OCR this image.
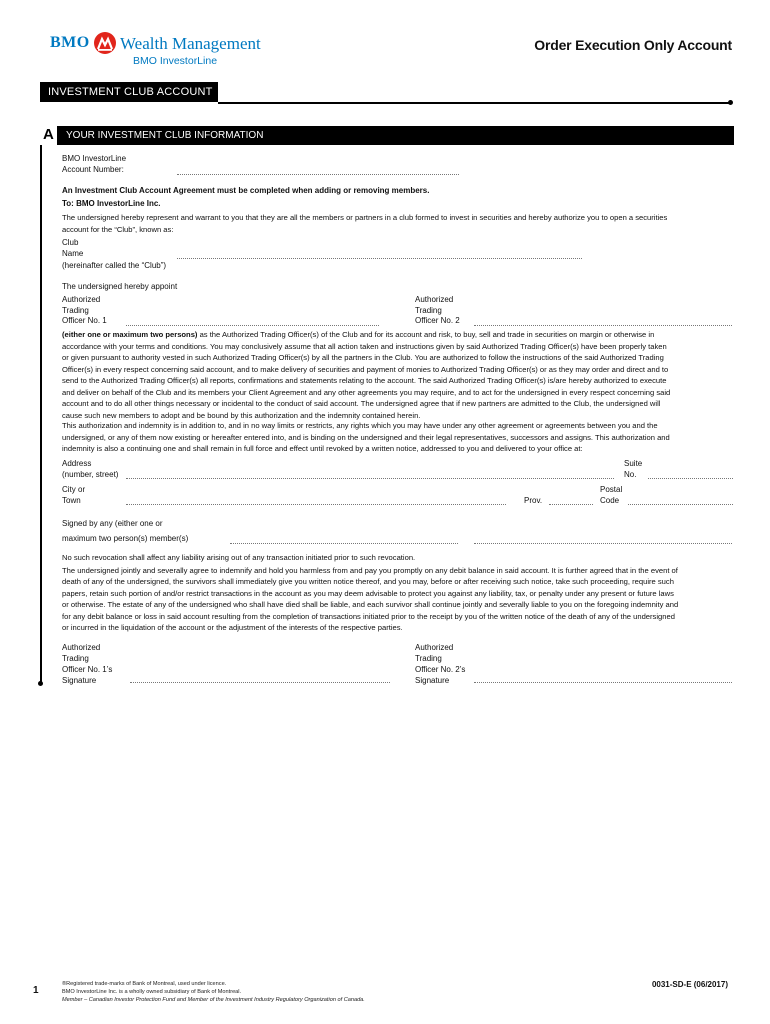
BMO Wealth Management
BMO InvestorLine
Order Execution Only Account
INVESTMENT CLUB ACCOUNT
A YOUR INVESTMENT CLUB INFORMATION
BMO InvestorLine
Account Number:
An Investment Club Account Agreement must be completed when adding or removing members.
To: BMO InvestorLine Inc.
The undersigned hereby represent and warrant to you that they are all the members or partners in a club formed to invest in securities and hereby authorize you to open a securities
account for the “Club”, known as:
Club
Name
(hereinafter called the “Club”)
The undersigned hereby appoint
Authorized
Trading
Officer No. 1
Authorized
Trading
Officer No. 2
(either one or maximum two persons) as the Authorized Trading Officer(s) of the Club and for its account and risk, to buy, sell and trade in securities on margin or otherwise in
accordance with your terms and conditions. You may conclusively assume that all action taken and instructions given by said Authorized Trading Officer(s) have been properly taken
or given pursuant to authority vested in such Authorized Trading Officer(s) by all the partners in the Club. You are authorized to follow the instructions of the said Authorized Trading
Officer(s) in every respect concerning said account, and to make delivery of securities and payment of monies to Authorized Trading Officer(s) or as they may order and direct and to
send to the Authorized Trading Officer(s) all reports, confirmations and statements relating to the account. The said Authorized Trading Officer(s) is/are hereby authorized to execute
and deliver on behalf of the Club and its members your Client Agreement and any other agreements you may require, and to act for the undersigned in every respect concerning said
account and to do all other things necessary or incidental to the conduct of said account. The undersigned agree that if new partners are admitted to the Club, the undersigned will
cause such new members to adopt and be bound by this authorization and the indemnity contained herein.
This authorization and indemnity is in addition to, and in no way limits or restricts, any rights which you may have under any other agreement or agreements between you and the
undersigned, or any of them now existing or hereafter entered into, and is binding on the undersigned and their legal representatives, successors and assigns. This authorization and
indemnity is also a continuing one and shall remain in full force and effect until revoked by a written notice, addressed to you and delivered to your office at:
Address
(number, street)
Suite
No.
City or
Town	Prov.
Postal
Code
Signed by any (either one or
maximum two person(s) member(s)
No such revocation shall affect any liability arising out of any transaction initiated prior to such revocation.
The undersigned jointly and severally agree to indemnify and hold you harmless from and pay you promptly on any debit balance in said account. It is further agreed that in the event of
death of any of the undersigned, the survivors shall immediately give you written notice thereof, and you may, before or after receiving such notice, take such proceeding, require such
papers, retain such portion of and/or restrict transactions in the account as you may deem advisable to protect you against any liability, tax, or penalty under any present or future laws
or otherwise. The estate of any of the undersigned who shall have died shall be liable, and each survivor shall continue jointly and severally liable to you on the foregoing indemnity and
for any debit balance or loss in said account resulting from the completion of transactions initiated prior to the receipt by you of the written notice of the death of any of the undersigned
or incurred in the liquidation of the account or the adjustment of the interests of the respective parties.
Authorized
Trading
Officer No. 1’s
Signature
Authorized
Trading
Officer No. 2’s
Signature
1
®Registered trade-marks of Bank of Montreal, used under licence.
BMO InvestorLine Inc. is a wholly owned subsidiary of Bank of Montreal.
Member – Canadian Investor Protection Fund and Member of the Investment Industry Regulatory Organization of Canada.
0031-SD-E (06/2017)
